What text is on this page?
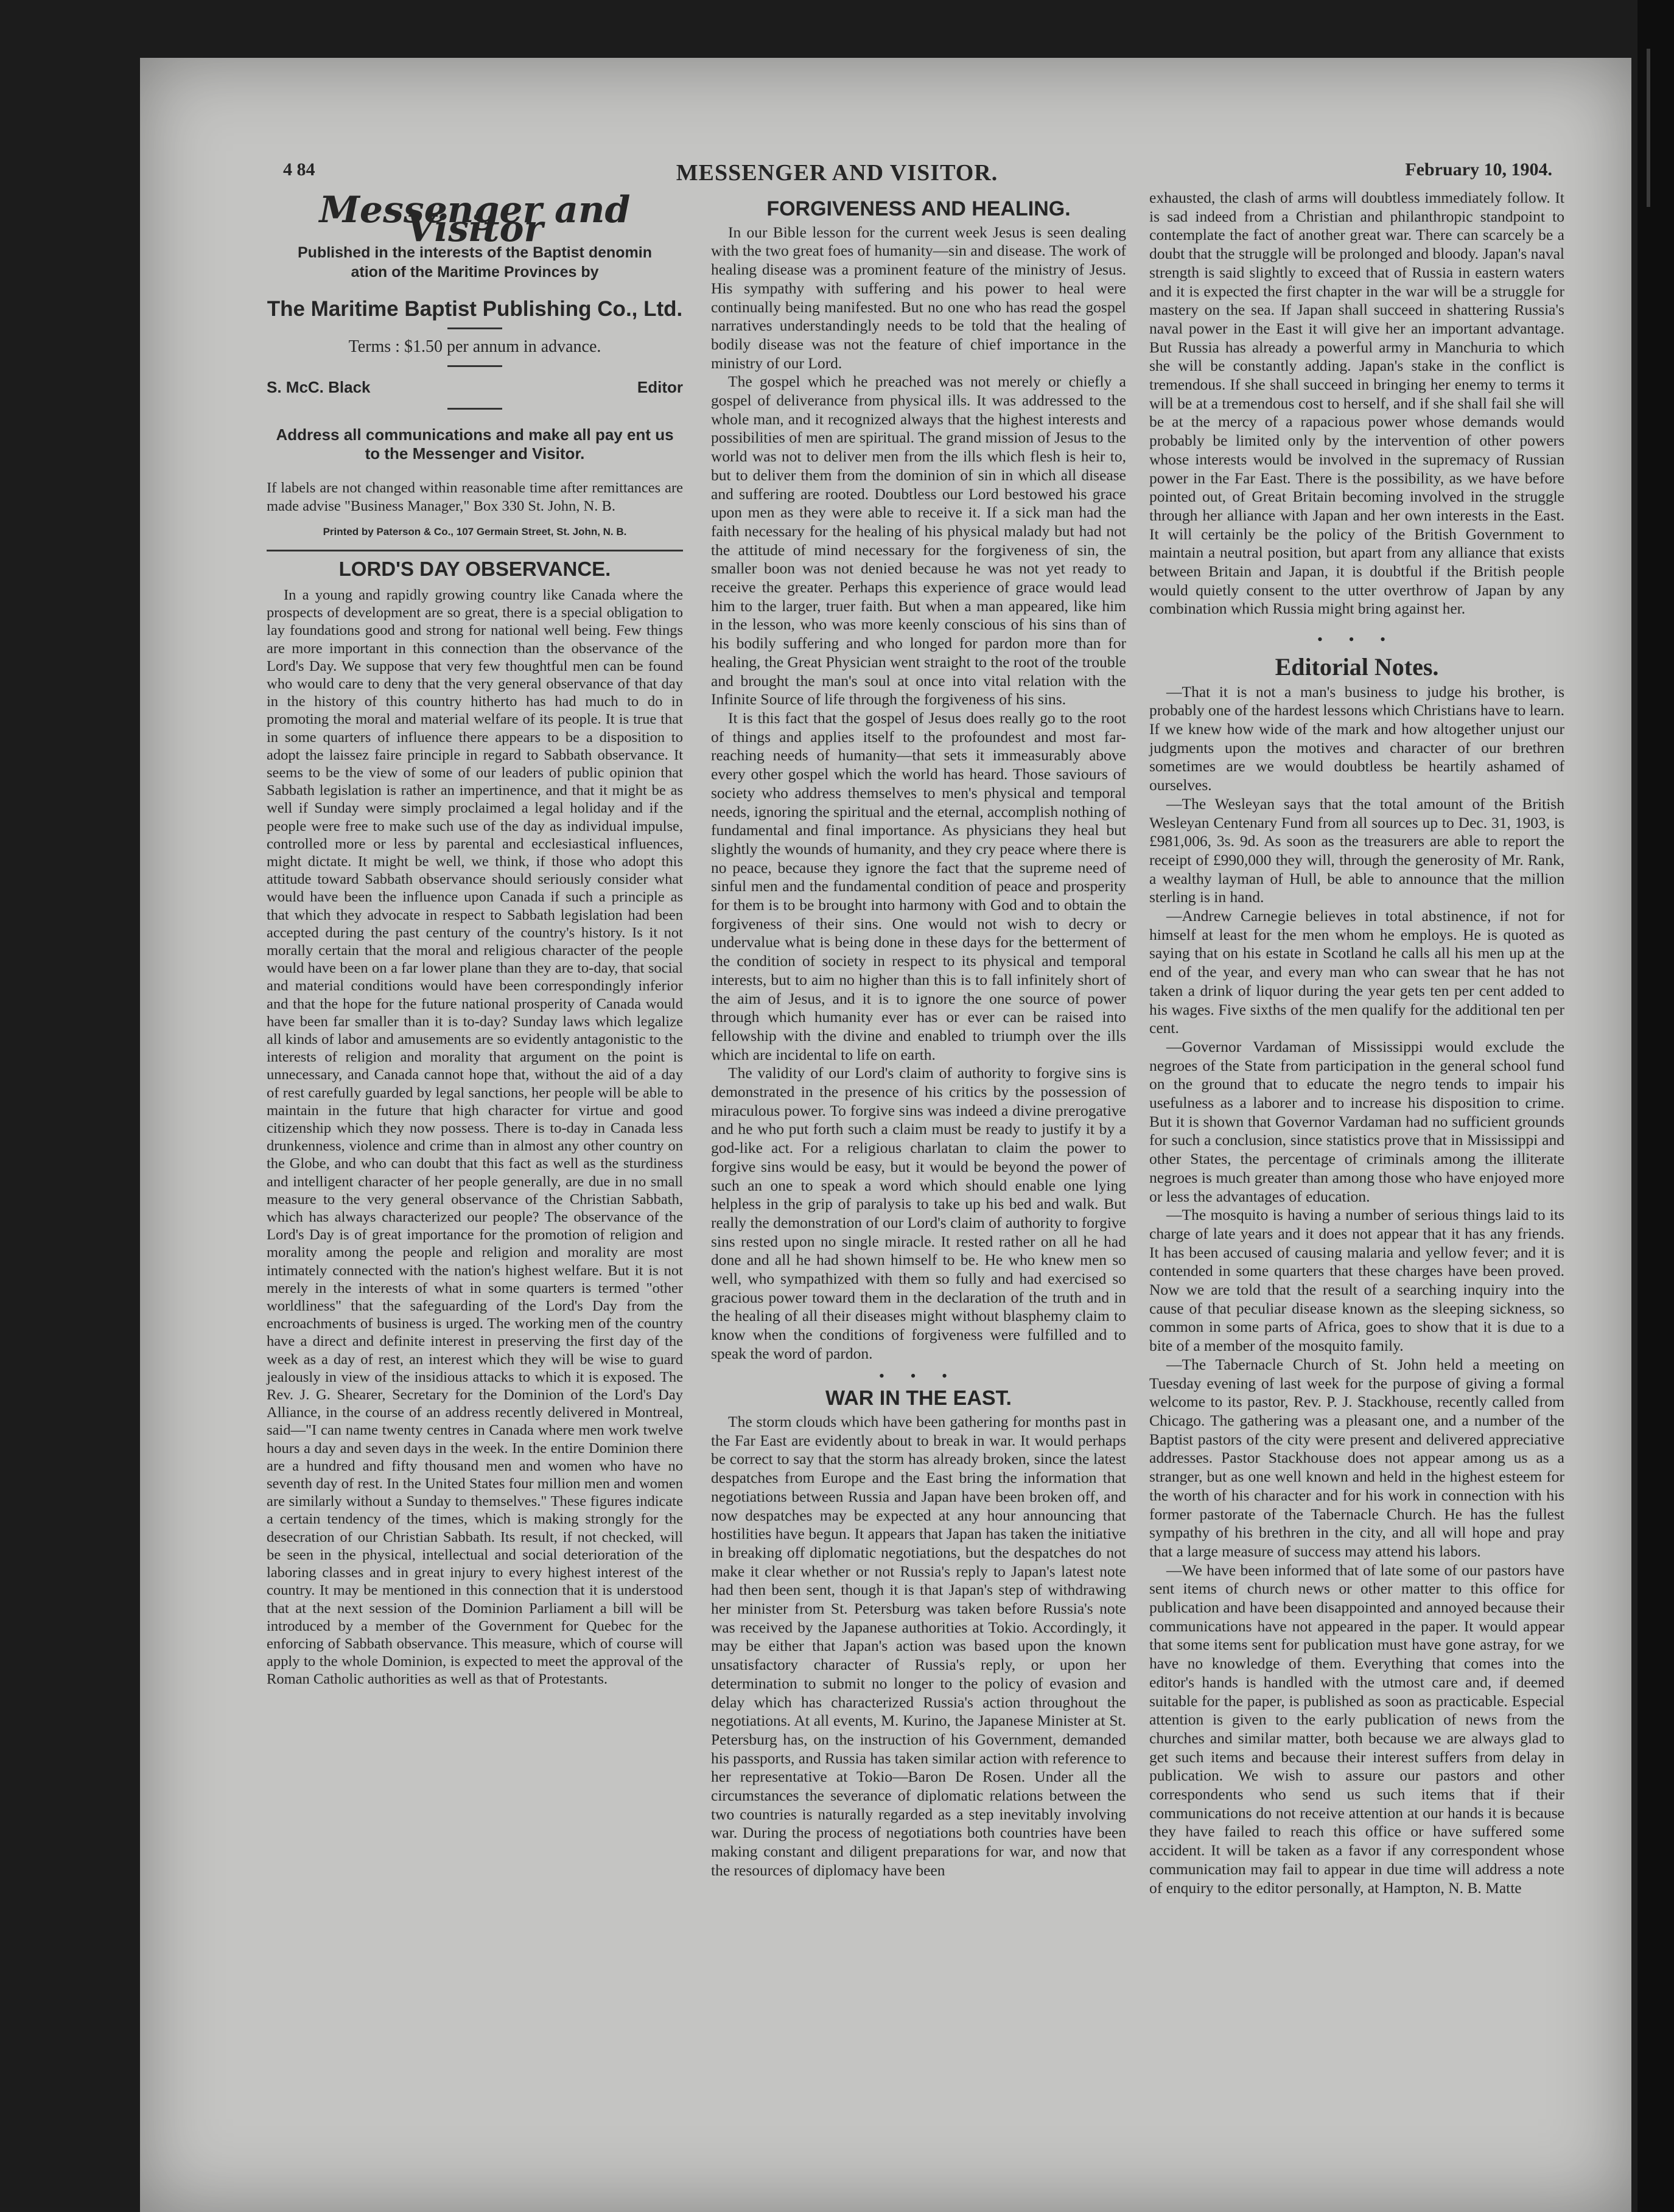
4 84	MESSENGER AND VISITOR.	February 10, 1904.
Messenger and Visitor

Published in the interests of the Baptist denomin

ation of the Maritime Provinces by

The Maritime Baptist Publishing Co., Ltd.
Terms : $1.50 per annum in advance.
S. McC. Black	Editor
Address all communications and make all pay ent us to the Messenger and Visitor.
If labels are not changed within reasonable time after remittances are made advise "Business Manager," Box 330 St. John, N. B.
Printed by Paterson & Co., 107 Germain Street, St. John, N. B.
LORD'S DAY OBSERVANCE.

In a young and rapidly growing country like Canada where the prospects of development are so great, there is a special obligation to lay foundations good and strong for national well being. Few things are more important in this connection than the observance of the Lord's Day. We suppose that very few thoughtful men can be found who would care to deny that the very general observance of that day in the history of this country hitherto has had much to do in promoting the moral and material welfare of its people. It is true that in some quarters of influence there appears to be a disposition to adopt the laissez faire principle in regard to Sabbath observance. It seems to be the view of some of our leaders of public opinion that Sabbath legislation is rather an impertinence, and that it might be as well if Sunday were simply proclaimed a legal holiday and if the people were free to make such use of the day as individual impulse, controlled more or less by parental and ecclesiastical influences, might dictate. It might be well, we think, if those who adopt this attitude toward Sabbath observance should seriously consider what would have been the influence upon Canada if such a principle as that which they advocate in respect to Sabbath legislation had been accepted during the past century of the country's history. Is it not morally certain that the moral and religious character of the people would have been on a far lower plane than they are to-day, that social and material conditions would have been correspondingly inferior and that the hope for the future national prosperity of Canada would have been far smaller than it is to-day? Sunday laws which legalize all kinds of labor and amusements are so evidently antagonistic to the interests of religion and morality that argument on the point is unnecessary, and Canada cannot hope that, without the aid of a day of rest carefully guarded by legal sanctions, her people will be able to maintain in the future that high character for virtue and good citizenship which they now possess. There is to-day in Canada less drunkenness, violence and crime than in almost any other country on the Globe, and who can doubt that this fact as well as the sturdiness and intelligent character of her people generally, are due in no small measure to the very general observance of the Christian Sabbath, which has always characterized our people? The observance of the Lord's Day is of great importance for the promotion of religion and morality among the people and religion and morality are most intimately connected with the nation's highest welfare. But it is not merely in the interests of what in some quarters is termed "other worldliness" that the safeguarding of the Lord's Day from the encroachments of business is urged. The working men of the country have a direct and definite interest in preserving the first day of the week as a day of rest, an interest which they will be wise to guard jealously in view of the insidious attacks to which it is exposed. The Rev. J. G. Shearer, Secretary for the Dominion of the Lord's Day Alliance, in the course of an address recently delivered in Montreal, said—"I can name twenty centres in Canada where men work twelve hours a day and seven days in the week. In the entire Dominion there are a hundred and fifty thousand men and women who have no seventh day of rest. In the United States four million men and women are similarly without a Sunday to themselves." These figures indicate a certain tendency of the times, which is making strongly for the desecration of our Christian Sabbath. Its result, if not checked, will be seen in the physical, intellectual and social deterioration of the laboring classes and in great injury to every highest interest of the country. It may be mentioned in this connection that it is understood that at the next session of the Dominion Parliament a bill will be introduced by a member of the Government for Quebec for the enforcing of Sabbath observance. This measure, which of course will apply to the whole Dominion, is expected to meet the approval of the Roman Catholic authorities as well as that of Protestants.

FORGIVENESS AND HEALING.

In our Bible lesson for the current week Jesus is seen dealing with the two great foes of humanity—sin and disease. The work of healing disease was a prominent feature of the ministry of Jesus. His sympathy with suffering and his power to heal were continually being manifested. But no one who has read the gospel narratives understandingly needs to be told that the healing of bodily disease was not the feature of chief importance in the ministry of our Lord.

The gospel which he preached was not merely or chiefly a gospel of deliverance from physical ills. It was addressed to the whole man, and it recognized always that the highest interests and possibilities of men are spiritual. The grand mission of Jesus to the world was not to deliver men from the ills which flesh is heir to, but to deliver them from the dominion of sin in which all disease and suffering are rooted. Doubtless our Lord bestowed his grace upon men as they were able to receive it. If a sick man had the faith necessary for the healing of his physical malady but had not the attitude of mind necessary for the forgiveness of sin, the smaller boon was not denied because he was not yet ready to receive the greater. Perhaps this experience of grace would lead him to the larger, truer faith. But when a man appeared, like him in the lesson, who was more keenly conscious of his sins than of his bodily suffering and who longed for pardon more than for healing, the Great Physician went straight to the root of the trouble and brought the man's soul at once into vital relation with the Infinite Source of life through the forgiveness of his sins.

It is this fact that the gospel of Jesus does really go to the root of things and applies itself to the profoundest and most far-reaching needs of humanity—that sets it immeasurably above every other gospel which the world has heard. Those saviours of society who address themselves to men's physical and temporal needs, ignoring the spiritual and the eternal, accomplish nothing of fundamental and final importance. As physicians they heal but slightly the wounds of humanity, and they cry peace where there is no peace, because they ignore the fact that the supreme need of sinful men and the fundamental condition of peace and prosperity for them is to be brought into harmony with God and to obtain the forgiveness of their sins. One would not wish to decry or undervalue what is being done in these days for the betterment of the condition of society in respect to its physical and temporal interests, but to aim no higher than this is to fall infinitely short of the aim of Jesus, and it is to ignore the one source of power through which humanity ever has or ever can be raised into fellowship with the divine and enabled to triumph over the ills which are incidental to life on earth.

The validity of our Lord's claim of authority to forgive sins is demonstrated in the presence of his critics by the possession of miraculous power. To forgive sins was indeed a divine prerogative and he who put forth such a claim must be ready to justify it by a god-like act. For a religious charlatan to claim the power to forgive sins would be easy, but it would be beyond the power of such an one to speak a word which should enable one lying helpless in the grip of paralysis to take up his bed and walk. But really the demonstration of our Lord's claim of authority to forgive sins rested upon no single miracle. It rested rather on all he had done and all he had shown himself to be. He who knew men so well, who sympathized with them so fully and had exercised so gracious power toward them in the declaration of the truth and in the healing of all their diseases might without blasphemy claim to know when the conditions of forgiveness were fulfilled and to speak the word of pardon.

• • •
WAR IN THE EAST.

The storm clouds which have been gathering for months past in the Far East are evidently about to break in war. It would perhaps be correct to say that the storm has already broken, since the latest despatches from Europe and the East bring the information that negotiations between Russia and Japan have been broken off, and now despatches may be expected at any hour announcing that hostilities have begun. It appears that Japan has taken the initiative in breaking off diplomatic negotiations, but the despatches do not make it clear whether or not Russia's reply to Japan's latest note had then been sent, though it is that Japan's step of withdrawing her minister from St. Petersburg was taken before Russia's note was received by the Japanese authorities at Tokio. Accordingly, it may be either that Japan's action was based upon the known unsatisfactory character of Russia's reply, or upon her determination to submit no longer to the policy of evasion and delay which has characterized Russia's action throughout the negotiations. At all events, M. Kurino, the Japanese Minister at St. Petersburg has, on the instruction of his Government, demanded his passports, and Russia has taken similar action with reference to her representative at Tokio—Baron De Rosen. Under all the circumstances the severance of diplomatic relations between the two countries is naturally regarded as a step inevitably involving war. During the process of negotiations both countries have been making constant and diligent preparations for war, and now that the resources of diplomacy have been

exhausted, the clash of arms will doubtless immediately follow. It is sad indeed from a Christian and philanthropic standpoint to contemplate the fact of another great war. There can scarcely be a doubt that the struggle will be prolonged and bloody. Japan's naval strength is said slightly to exceed that of Russia in eastern waters and it is expected the first chapter in the war will be a struggle for mastery on the sea. If Japan shall succeed in shattering Russia's naval power in the East it will give her an important advantage. But Russia has already a powerful army in Manchuria to which she will be constantly adding. Japan's stake in the conflict is tremendous. If she shall succeed in bringing her enemy to terms it will be at a tremendous cost to herself, and if she shall fail she will be at the mercy of a rapacious power whose demands would probably be limited only by the intervention of other powers whose interests would be involved in the supremacy of Russian power in the Far East. There is the possibility, as we have before pointed out, of Great Britain becoming involved in the struggle through her alliance with Japan and her own interests in the East. It will certainly be the policy of the British Government to maintain a neutral position, but apart from any alliance that exists between Britain and Japan, it is doubtful if the British people would quietly consent to the utter overthrow of Japan by any combination which Russia might bring against her.

• • •
Editorial Notes.

—That it is not a man's business to judge his brother, is probably one of the hardest lessons which Christians have to learn. If we knew how wide of the mark and how altogether unjust our judgments upon the motives and character of our brethren sometimes are we would doubtless be heartily ashamed of ourselves.

—The Wesleyan says that the total amount of the British Wesleyan Centenary Fund from all sources up to Dec. 31, 1903, is £981,006, 3s. 9d. As soon as the treasurers are able to report the receipt of £990,000 they will, through the generosity of Mr. Rank, a wealthy layman of Hull, be able to announce that the million sterling is in hand.

—Andrew Carnegie believes in total abstinence, if not for himself at least for the men whom he employs. He is quoted as saying that on his estate in Scotland he calls all his men up at the end of the year, and every man who can swear that he has not taken a drink of liquor during the year gets ten per cent added to his wages. Five sixths of the men qualify for the additional ten per cent.

—Governor Vardaman of Mississippi would exclude the negroes of the State from participation in the general school fund on the ground that to educate the negro tends to impair his usefulness as a laborer and to increase his disposition to crime. But it is shown that Governor Vardaman had no sufficient grounds for such a conclusion, since statistics prove that in Mississippi and other States, the percentage of criminals among the illiterate negroes is much greater than among those who have enjoyed more or less the advantages of education.

—The mosquito is having a number of serious things laid to its charge of late years and it does not appear that it has any friends. It has been accused of causing malaria and yellow fever; and it is contended in some quarters that these charges have been proved. Now we are told that the result of a searching inquiry into the cause of that peculiar disease known as the sleeping sickness, so common in some parts of Africa, goes to show that it is due to a bite of a member of the mosquito family.

—The Tabernacle Church of St. John held a meeting on Tuesday evening of last week for the purpose of giving a formal welcome to its pastor, Rev. P. J. Stackhouse, recently called from Chicago. The gathering was a pleasant one, and a number of the Baptist pastors of the city were present and delivered appreciative addresses. Pastor Stackhouse does not appear among us as a stranger, but as one well known and held in the highest esteem for the worth of his character and for his work in connection with his former pastorate of the Tabernacle Church. He has the fullest sympathy of his brethren in the city, and all will hope and pray that a large measure of success may attend his labors.

—We have been informed that of late some of our pastors have sent items of church news or other matter to this office for publication and have been disappointed and annoyed because their communications have not appeared in the paper. It would appear that some items sent for publication must have gone astray, for we have no knowledge of them. Everything that comes into the editor's hands is handled with the utmost care and, if deemed suitable for the paper, is published as soon as practicable. Especial attention is given to the early publication of news from the churches and similar matter, both because we are always glad to get such items and because their interest suffers from delay in publication. We wish to assure our pastors and other correspondents who send us such items that if their communications do not receive attention at our hands it is because they have failed to reach this office or have suffered some accident. It will be taken as a favor if any correspondent whose communication may fail to appear in due time will address a note of enquiry to the editor personally, at Hampton, N. B. Matte
